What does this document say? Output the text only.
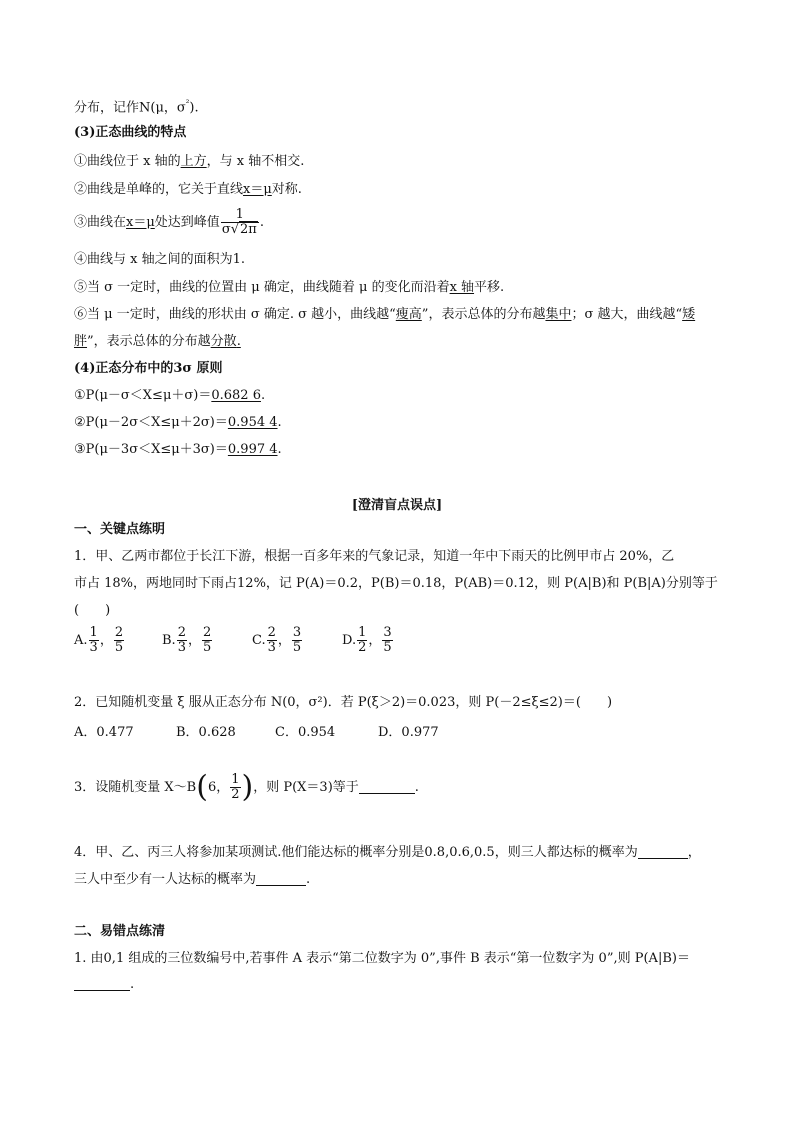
分布，记作N(μ，$\sigma^{^2}$).
(3)正态曲线的特点
①曲线位于 x 轴的上方，与 x 轴不相交.
②曲线是单峰的，它关于直线x＝μ对称.
③曲线在x＝μ处达到峰值 $\frac{1}{\sigma√2\pi}$ .
④曲线与 x 轴之间的面积为1.
⑤当 σ 一定时，曲线的位置由 μ 确定，曲线随着 μ 的变化而沿着x 轴平移.
⑥当 μ 一定时，曲线的形状由 σ 确定. σ 越小，曲线越“瘦高”，表示总体的分布越集中；σ 越大，曲线越“矮
胖”，表示总体的分布越分散.
(4)正态分布中的3σ 原则
①P(μ－σ＜X≤μ＋σ)＝0.682 6.
②P(μ－2σ＜X≤μ＋2σ)＝0.954 4.
③P(μ－3σ＜X≤μ＋3σ)＝0.997 4.
[澄清盲点误点]
一、关键点练明
1．甲、乙两市都位于长江下游，根据一百多年来的气象记录，知道一年中下雨天的比例甲市占 20%，乙
市占 18%，两地同时下雨占12%，记 P(A)＝0.2，P(B)＝0.18，P(AB)＝0.12，则 P(A|B)和 P(B|A)分别等于
(　　)
A. $\frac{1}{3}$ ， $\frac{2}{5}$	B. $\frac{2}{3}$ ， $\frac{2}{5}$	C. $\frac{2}{3}$ ， $\frac{3}{5}$	D. $\frac{1}{2}$ ， $\frac{3}{5}$
2．已知随机变量 ξ 服从正态分布 N(0，σ²)．若 P(ξ＞2)＝0.023，则 P(－2≤ξ≤2)＝(　　)
A．0.477	B．0.628	C．0.954	D．0.977
3．设随机变量 X～B(6， $\frac{1}{2}$ )，则 P(X＝3)等于	.
4．甲、乙、丙三人将参加某项测试.他们能达标的概率分别是0.8,0.6,0.5，则三人都达标的概率为	，
三人中至少有一人达标的概率为	.
二、易错点练清
1. 由0,1 组成的三位数编号中,若事件 A 表示“第二位数字为 0”,事件 B 表示“第一位数字为 0”,则 P(A|B)＝
.
